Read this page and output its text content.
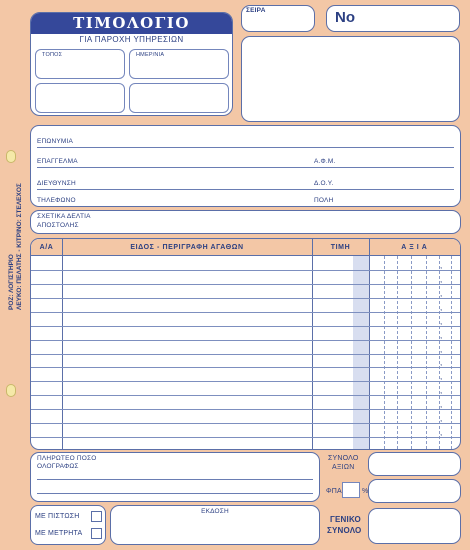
ΡΟΖ: ΛΟΓΙΣΤΗΡΙΟ ΛΕΥΚΟ: ΠΕΛΑΤΗΣ - ΚΙΤΡΙΝΟ: ΣΤΕΛΕΧΟΣ
ΤΙΜΟΛΟΓΙΟ
ΓΙΑ ΠΑΡΟΧΗ ΥΠΗΡΕΣΙΩΝ
ΤΟΠΟΣ	ΗΜΕΡ/ΝΙΑ
ΣΕΙΡΑ	No
ΕΠΩΝΥΜΙΑ
ΕΠΑΓΓΕΛΜΑ	Α.Φ.Μ.
ΔΙΕΥΘΥΝΣΗ	Δ.Ο.Υ.
ΤΗΛΕΦΩΝΟ	ΠΟΛΗ
ΣΧΕΤΙΚΑ ΔΕΛΤΙΑ
ΑΠΟΣΤΟΛΗΣ
Α/Α	ΕΙΔΟΣ - ΠΕΡΙΓΡΑΦΗ ΑΓΑΘΩΝ	ΤΙΜΗ	ΑΞΙΑ
,
,
,
,
,
,
,
,
,
,
,
,
,
ΠΛΗΡΩΤΕΟ ΠΟΣΟ
ΟΛΟΓΡΑΦΩΣ
ΣΥΝΟΛΟ
ΑΞΙΩΝ
ΦΠΑ	%
ΜΕ ΠΙΣΤΩΣΗ
ΜΕ ΜΕΤΡΗΤΑ
ΕΚΔΟΣΗ
ΓΕΝΙΚΟ
ΣΥΝΟΛΟ
